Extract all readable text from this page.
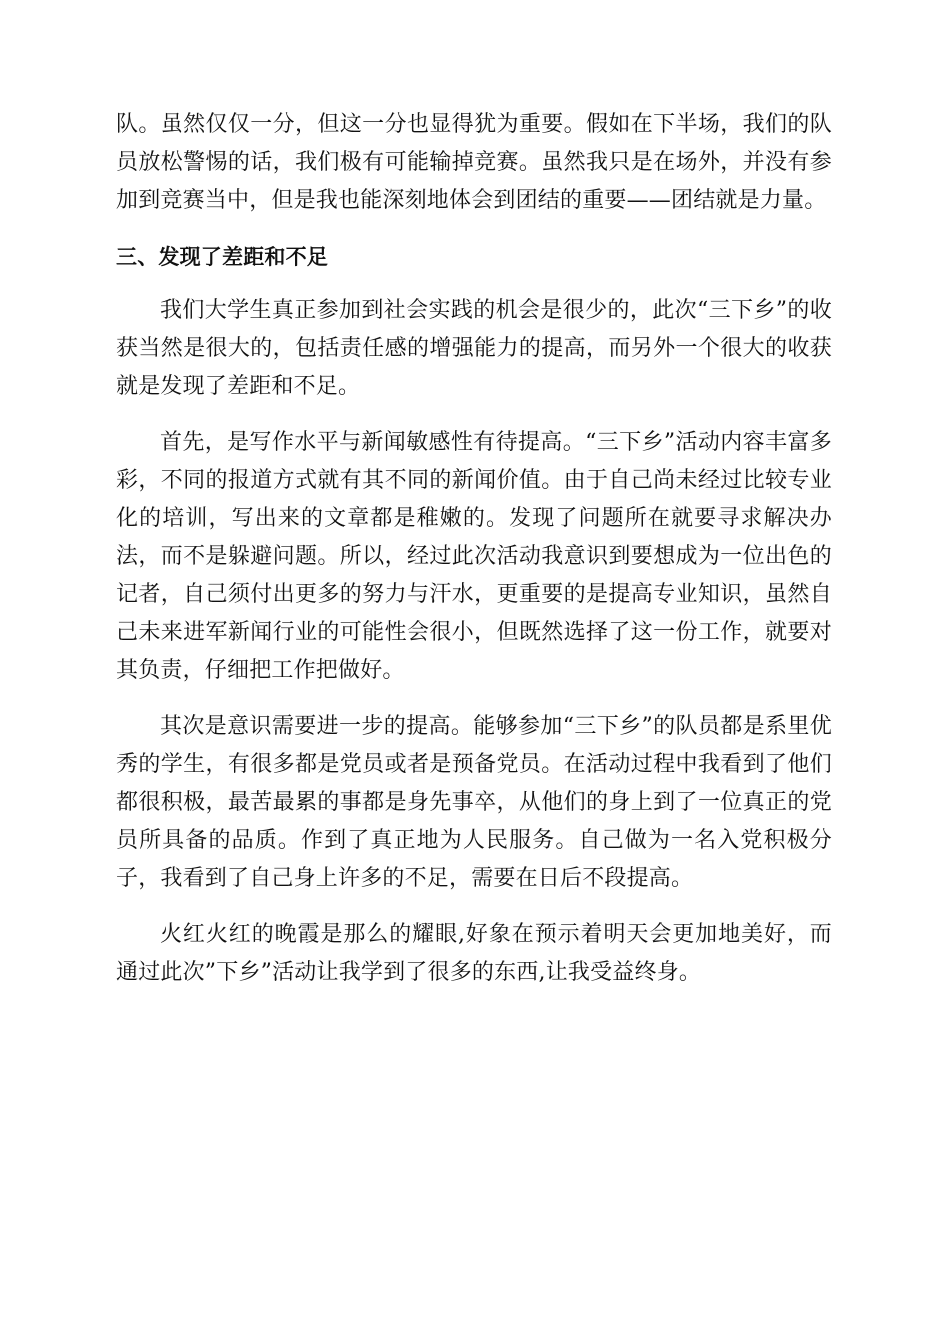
队。虽然仅仅一分，但这一分也显得犹为重要。假如在下半场，我们的队员放松警惕的话，我们极有可能输掉竞赛。虽然我只是在场外，并没有参加到竞赛当中，但是我也能深刻地体会到团结的重要——团结就是力量。

三、发现了差距和不足

我们大学生真正参加到社会实践的机会是很少的，此次“三下乡”的收获当然是很大的，包括责任感的增强能力的提高，而另外一个很大的收获就是发现了差距和不足。

首先，是写作水平与新闻敏感性有待提高。“三下乡”活动内容丰富多彩，不同的报道方式就有其不同的新闻价值。由于自己尚未经过比较专业化的培训，写出来的文章都是稚嫩的。发现了问题所在就要寻求解决办法，而不是躲避问题。所以，经过此次活动我意识到要想成为一位出色的记者，自己须付出更多的努力与汗水，更重要的是提高专业知识，虽然自己未来进军新闻行业的可能性会很小，但既然选择了这一份工作，就要对其负责，仔细把工作把做好。

其次是意识需要进一步的提高。能够参加“三下乡”的队员都是系里优秀的学生，有很多都是党员或者是预备党员。在活动过程中我看到了他们都很积极，最苦最累的事都是身先事卒，从他们的身上到了一位真正的党员所具备的品质。作到了真正地为人民服务。自己做为一名入党积极分子，我看到了自己身上许多的不足，需要在日后不段提高。

火红火红的晚霞是那么的耀眼,好象在预示着明天会更加地美好，而通过此次”下乡”活动让我学到了很多的东西,让我受益终身。
